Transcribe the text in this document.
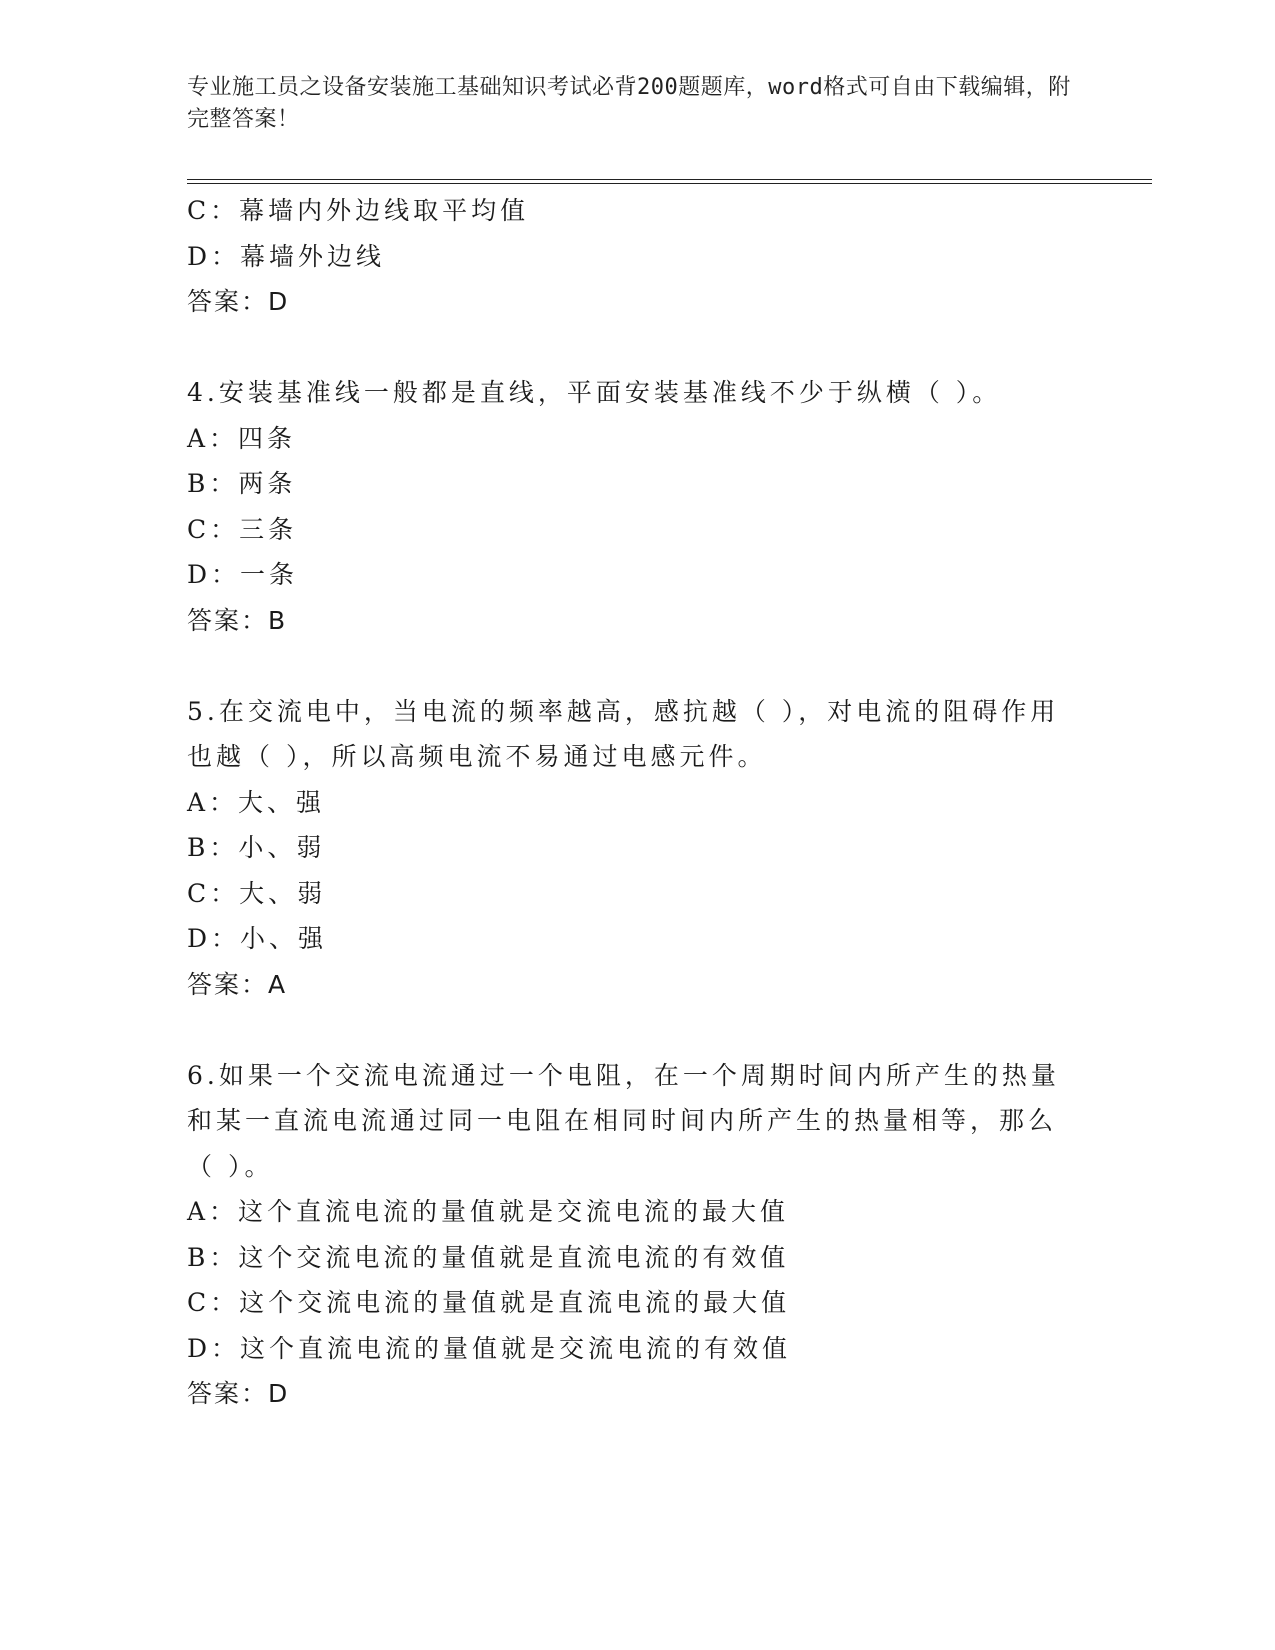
专业施工员之设备安装施工基础知识考试必背200题题库，word格式可自由下载编辑，附完整答案！
C：幕墙内外边线取平均值
D：幕墙外边线
答案：D
4.安装基准线一般都是直线，平面安装基准线不少于纵横（ ）。
A：四条
B：两条
C：三条
D：一条
答案：B
5.在交流电中，当电流的频率越高，感抗越（ ），对电流的阻碍作用也越（ ），所以高频电流不易通过电感元件。
A：大、强
B：小、弱
C：大、弱
D：小、强
答案：A
6.如果一个交流电流通过一个电阻，在一个周期时间内所产生的热量和某一直流电流通过同一电阻在相同时间内所产生的热量相等，那么（ ）。
A：这个直流电流的量值就是交流电流的最大值
B：这个交流电流的量值就是直流电流的有效值
C：这个交流电流的量值就是直流电流的最大值
D：这个直流电流的量值就是交流电流的有效值
答案：D
